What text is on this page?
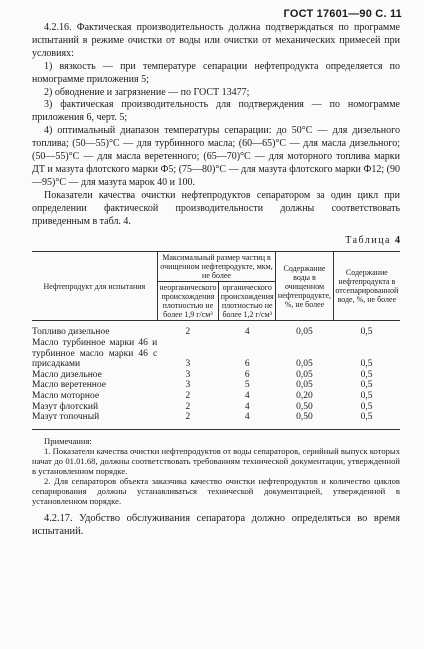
ГОСТ 17601—90 С. 11

4.2.16. Фактическая производительность должна подтверждаться по программе испытаний в режиме очистки от воды или очистки от механических примесей при условиях:

1) вязкость — при температуре сепарации нефтепродукта определяется по номограмме приложения 5;

2) обводнение и загрязнение — по ГОСТ 13477;

3) фактическая производительность для подтверждения — по номограмме приложения 6, черт. 5;

4) оптимальный диапазон температуры сепарации: до 50°С — для дизельного топлива; (50—55)°С — для турбинного масла; (60—65)°С — для масла дизельного; (50—55)°С — для масла веретенного; (65—70)°С — для моторного топлива марки ДТ и мазута флотского марки Ф5; (75—80)°С — для мазута флотского марки Ф12; (90—95)°С — для мазута марок 40 и 100.

Показатели качества очистки нефтепродуктов сепаратором за один цикл при определении фактической производительности должны соответствовать приведенным в табл. 4.

Таблица 4
Нефтепродукт для испытания	Максимальный размер частиц в очищенном нефтепродукте, мкм, не более		Содержание воды в очищенном нефтепродукте, %, не более	Содержание нефтепродукта в отсепарированной воде, %, не более
	неорганического происхождения плотностью не более 1,9 г/см³	органического происхождения плотностью не более 1,2 г/см³		
Топливо дизельное	2	4	0,05	0,5
Масло турбинное марки 46 и турбинное масло марки 46 с присадками	3	6	0,05	0,5
Масло дизельное	3	6	0,05	0,5
Масло веретенное	3	5	0,05	0,5
Масло моторное	2	4	0,20	0,5
Мазут флотский	2	4	0,50	0,5
Мазут топочный	2	4	0,50	0,5

Примечания:

1. Показатели качества очистки нефтепродуктов от воды сепараторов, серийный выпуск которых начат до 01.01.68, должны соответствовать требованиям технической документации, утвержденной в установленном порядке.

2. Для сепараторов объекта заказчика качество очистки нефтепродуктов и количество циклов сепарирования должны устанавливаться технической документацией, утвержденной в установленном порядке.

4.2.17. Удобство обслуживания сепаратора должно определяться во время испытаний.
